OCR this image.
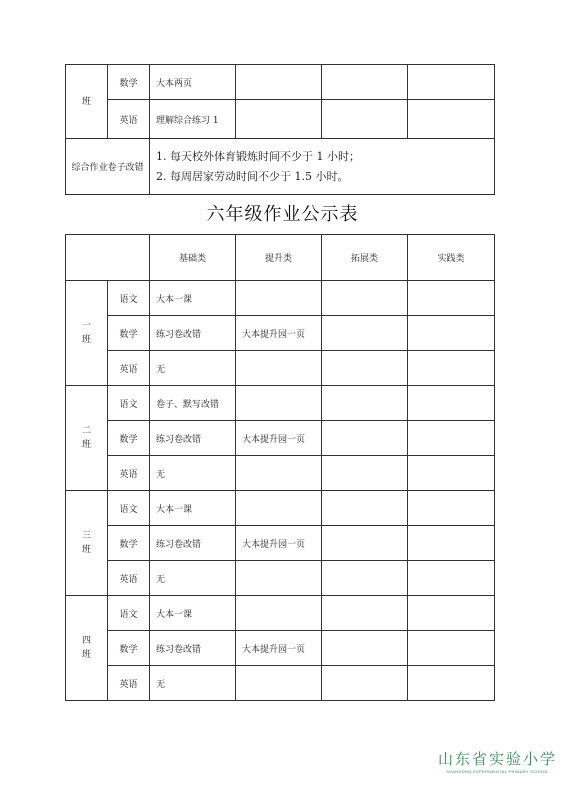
班	数学	大本两页			
	英语	理解综合练习 1			
综合作业卷子改错		1. 每天校外体育锻炼时间不少于 1 小时；
2. 每周居家劳动时间不少于 1.5 小时。			
六年级作业公示表
		基础类	提升类	拓展类	实践类

一
班	语文	大本一课			
	数学	练习卷改错	大本提升园一页		
	英语	无			

二
班	语文	卷子、默写改错			
	数学	练习卷改错	大本提升园一页		
	英语	无			

三
班	语文	大本一课			
	数学	练习卷改错	大本提升园一页		
	英语	无			

四
班	语文	大本一课			
	数学	练习卷改错	大本提升园一页		
	英语	无			
山东省实验小学
SHANDONG EXPERIMENTAL PRIMARY SCHOOL
